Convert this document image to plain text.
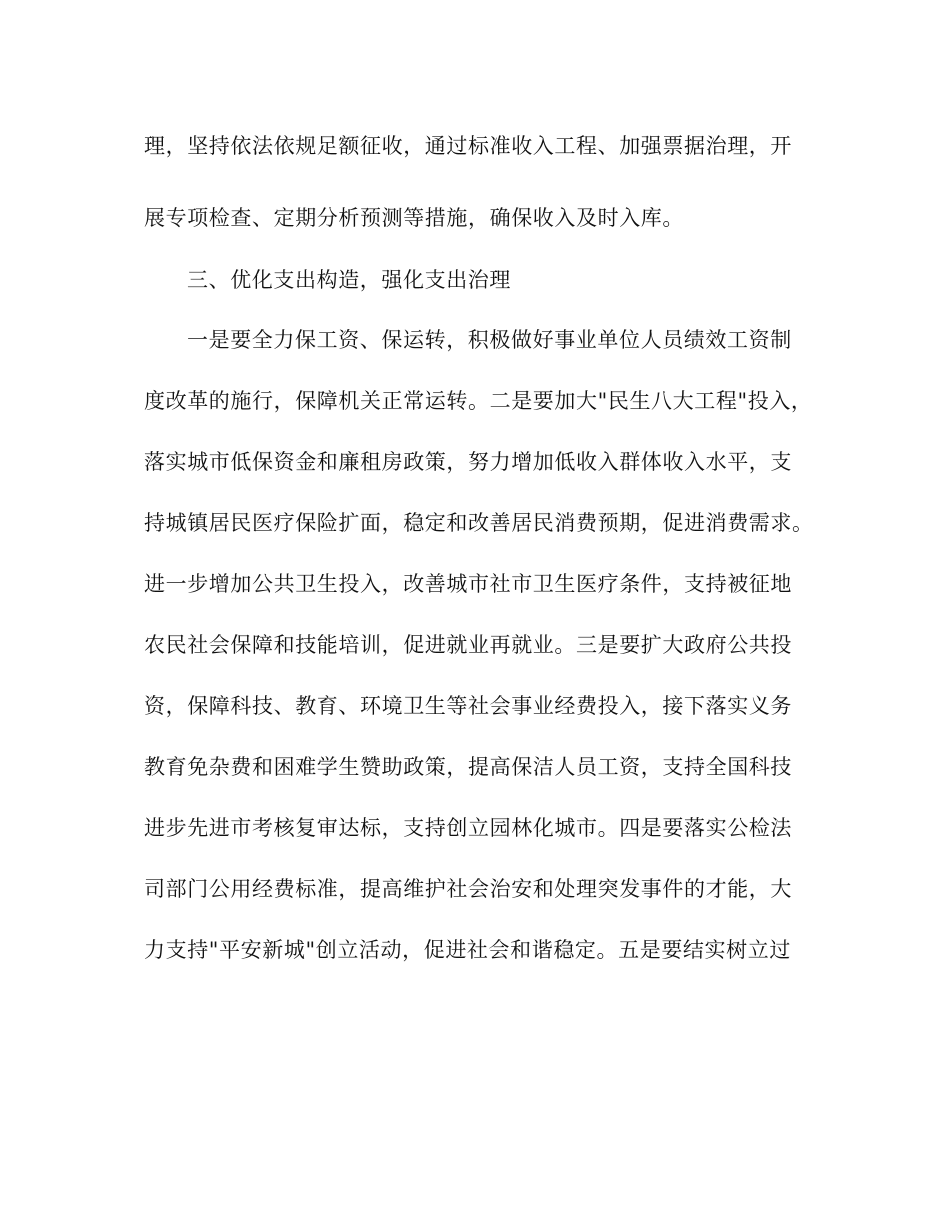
理，坚持依法依规足额征收，通过标准收入工程、加强票据治理，开
展专项检查、定期分析预测等措施，确保收入及时入库。
三、优化支出构造，强化支出治理
一是要全力保工资、保运转，积极做好事业单位人员绩效工资制
度改革的施行，保障机关正常运转。二是要加大"民生八大工程"投入，
落实城市低保资金和廉租房政策，努力增加低收入群体收入水平，支
持城镇居民医疗保险扩面，稳定和改善居民消费预期，促进消费需求。
进一步增加公共卫生投入，改善城市社市卫生医疗条件，支持被征地
农民社会保障和技能培训，促进就业再就业。三是要扩大政府公共投
资，保障科技、教育、环境卫生等社会事业经费投入，接下落实义务
教育免杂费和困难学生赞助政策，提高保洁人员工资，支持全国科技
进步先进市考核复审达标，支持创立园林化城市。四是要落实公检法
司部门公用经费标准，提高维护社会治安和处理突发事件的才能，大
力支持"平安新城"创立活动，促进社会和谐稳定。五是要结实树立过
